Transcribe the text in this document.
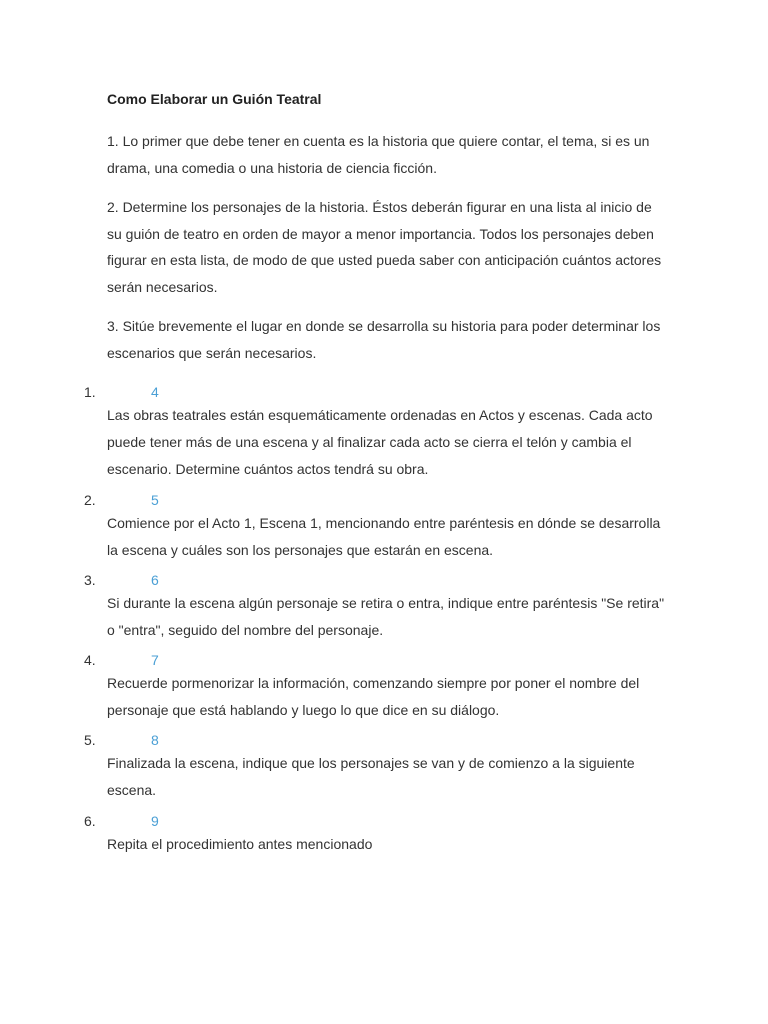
Como Elaborar un Guión Teatral
1. Lo primer que debe tener en cuenta es la historia que quiere contar, el tema, si es un drama, una comedia o una historia de ciencia ficción.
2. Determine los personajes de la historia. Éstos deberán figurar en una lista al inicio de su guión de teatro en orden de mayor a menor importancia. Todos los personajes deben figurar en esta lista, de modo de que usted pueda saber con anticipación cuántos actores serán necesarios.
3. Sitúe brevemente el lugar en donde se desarrolla su historia para poder determinar los escenarios que serán necesarios.
1.	4
Las obras teatrales están esquemáticamente ordenadas en Actos y escenas. Cada acto puede tener más de una escena y al finalizar cada acto se cierra el telón y cambia el escenario. Determine cuántos actos tendrá su obra.
2.	5
Comience por el Acto 1, Escena 1, mencionando entre paréntesis en dónde se desarrolla la escena y cuáles son los personajes que estarán en escena.
3.	6
Si durante la escena algún personaje se retira o entra, indique entre paréntesis "Se retira" o "entra", seguido del nombre del personaje.
4.	7
Recuerde pormenorizar la información, comenzando siempre por poner el nombre del personaje que está hablando y luego lo que dice en su diálogo.
5.	8
Finalizada la escena, indique que los personajes se van y de comienzo a la siguiente escena.
6.	9
Repita el procedimiento antes mencionado
